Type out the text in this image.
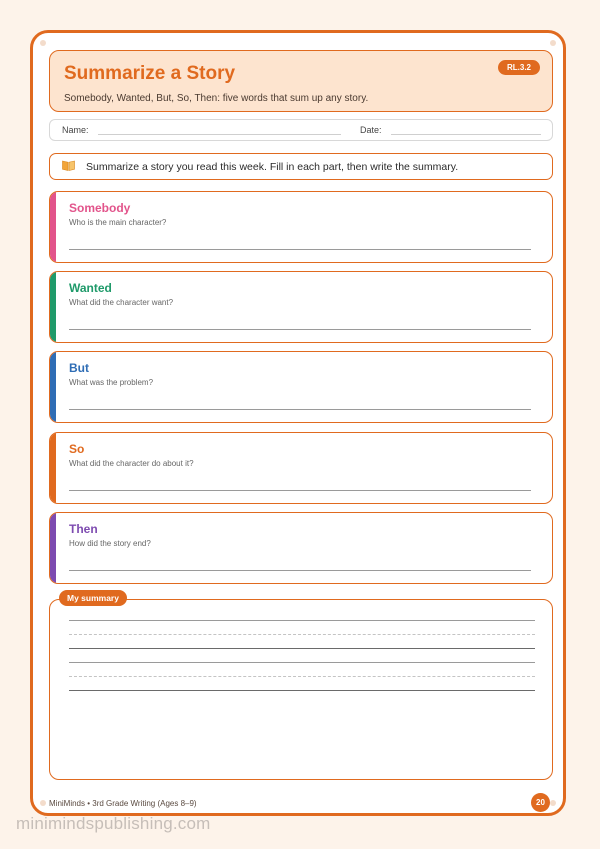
Summarize a Story
Somebody, Wanted, But, So, Then: five words that sum up any story.
RL.3.2
Name:	Date:
Summarize a story you read this week. Fill in each part, then write the summary.
Somebody
Who is the main character?
Wanted
What did the character want?
But
What was the problem?
So
What did the character do about it?
Then
How did the story end?
My summary
MiniMinds • 3rd Grade Writing (Ages 8–9)	20
minimindspublishing.com
